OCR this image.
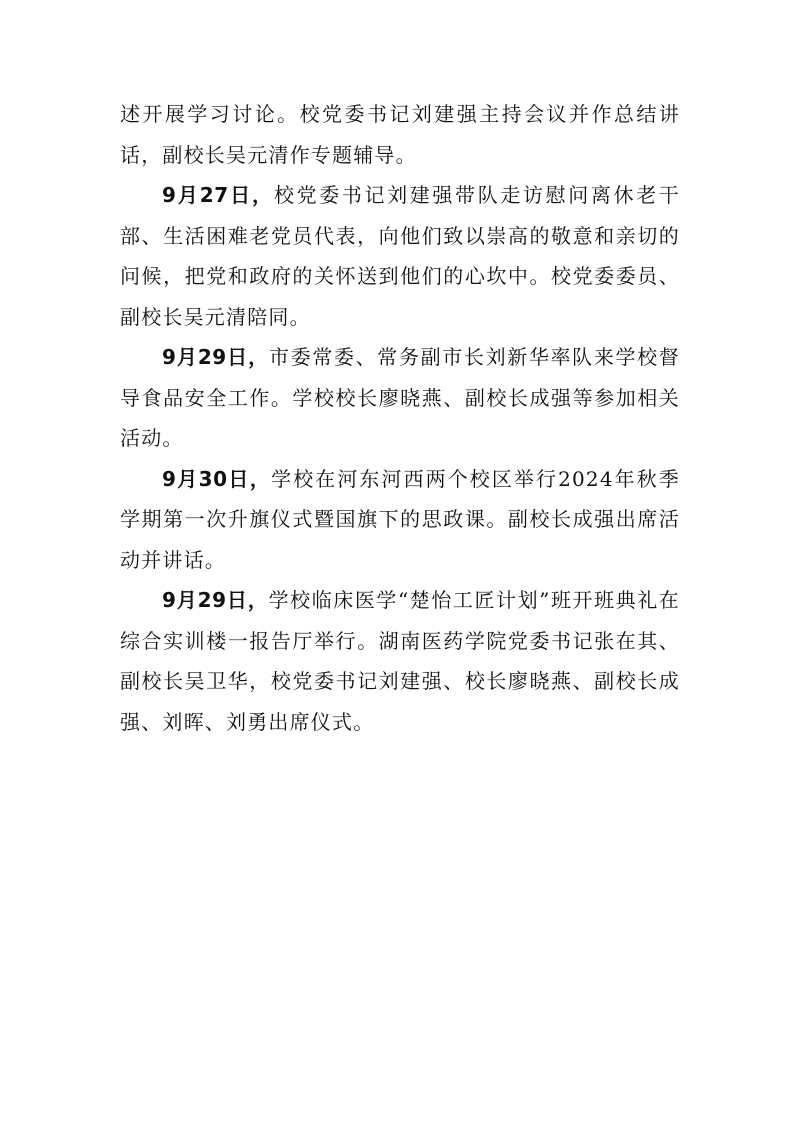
述开展学习讨论。校党委书记刘建强主持会议并作总结讲话，副校长吴元清作专题辅导。

9月27日，校党委书记刘建强带队走访慰问离休老干部、生活困难老党员代表，向他们致以崇高的敬意和亲切的问候，把党和政府的关怀送到他们的心坎中。校党委委员、副校长吴元清陪同。

9月29日，市委常委、常务副市长刘新华率队来学校督导食品安全工作。学校校长廖晓燕、副校长成强等参加相关活动。

9月30日，学校在河东河西两个校区举行2024年秋季学期第一次升旗仪式暨国旗下的思政课。副校长成强出席活动并讲话。

9月29日，学校临床医学“楚怡工匠计划”班开班典礼在综合实训楼一报告厅举行。湖南医药学院党委书记张在其、副校长吴卫华，校党委书记刘建强、校长廖晓燕、副校长成强、刘晖、刘勇出席仪式。
